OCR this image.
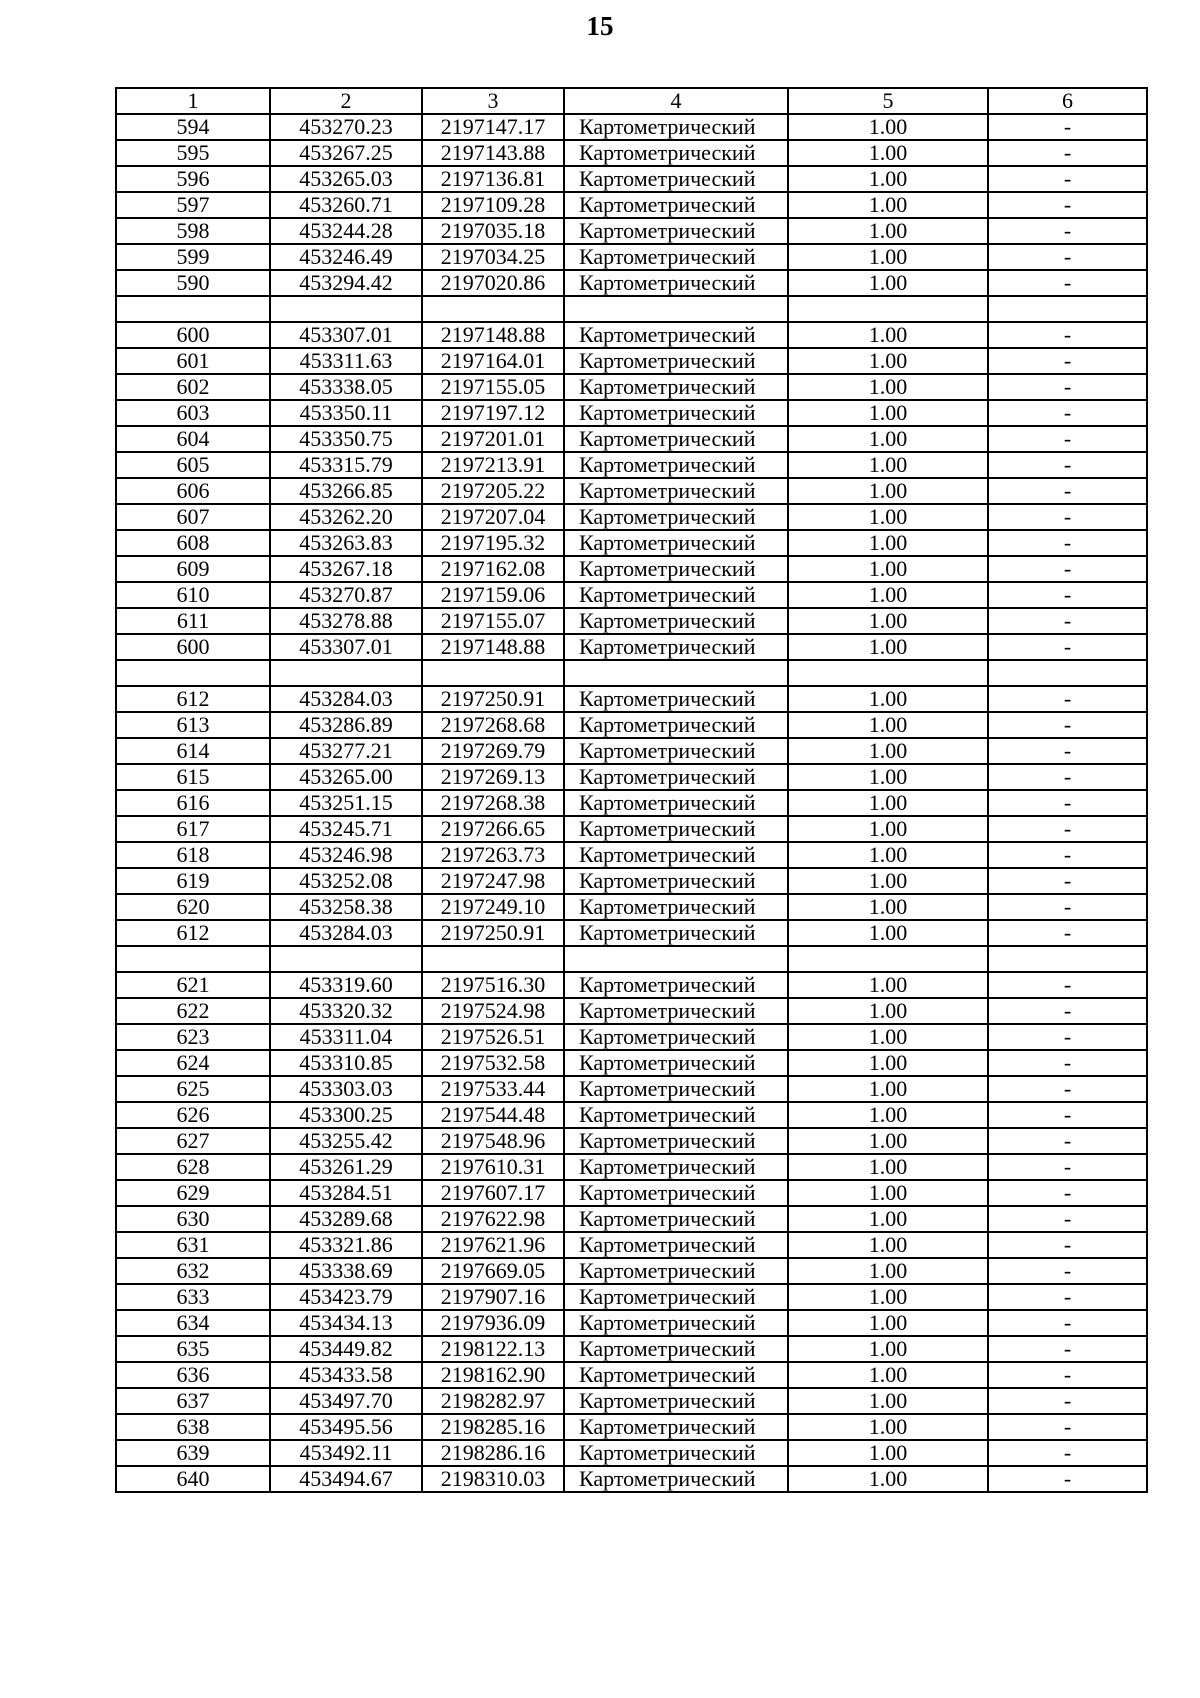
15
1	2	3	4	5	6
594	453270.23	2197147.17	Картометрический	1.00	-
595	453267.25	2197143.88	Картометрический	1.00	-
596	453265.03	2197136.81	Картометрический	1.00	-
597	453260.71	2197109.28	Картометрический	1.00	-
598	453244.28	2197035.18	Картометрический	1.00	-
599	453246.49	2197034.25	Картометрический	1.00	-
590	453294.42	2197020.86	Картометрический	1.00	-

600	453307.01	2197148.88	Картометрический	1.00	-
601	453311.63	2197164.01	Картометрический	1.00	-
602	453338.05	2197155.05	Картометрический	1.00	-
603	453350.11	2197197.12	Картометрический	1.00	-
604	453350.75	2197201.01	Картометрический	1.00	-
605	453315.79	2197213.91	Картометрический	1.00	-
606	453266.85	2197205.22	Картометрический	1.00	-
607	453262.20	2197207.04	Картометрический	1.00	-
608	453263.83	2197195.32	Картометрический	1.00	-
609	453267.18	2197162.08	Картометрический	1.00	-
610	453270.87	2197159.06	Картометрический	1.00	-
611	453278.88	2197155.07	Картометрический	1.00	-
600	453307.01	2197148.88	Картометрический	1.00	-

612	453284.03	2197250.91	Картометрический	1.00	-
613	453286.89	2197268.68	Картометрический	1.00	-
614	453277.21	2197269.79	Картометрический	1.00	-
615	453265.00	2197269.13	Картометрический	1.00	-
616	453251.15	2197268.38	Картометрический	1.00	-
617	453245.71	2197266.65	Картометрический	1.00	-
618	453246.98	2197263.73	Картометрический	1.00	-
619	453252.08	2197247.98	Картометрический	1.00	-
620	453258.38	2197249.10	Картометрический	1.00	-
612	453284.03	2197250.91	Картометрический	1.00	-

621	453319.60	2197516.30	Картометрический	1.00	-
622	453320.32	2197524.98	Картометрический	1.00	-
623	453311.04	2197526.51	Картометрический	1.00	-
624	453310.85	2197532.58	Картометрический	1.00	-
625	453303.03	2197533.44	Картометрический	1.00	-
626	453300.25	2197544.48	Картометрический	1.00	-
627	453255.42	2197548.96	Картометрический	1.00	-
628	453261.29	2197610.31	Картометрический	1.00	-
629	453284.51	2197607.17	Картометрический	1.00	-
630	453289.68	2197622.98	Картометрический	1.00	-
631	453321.86	2197621.96	Картометрический	1.00	-
632	453338.69	2197669.05	Картометрический	1.00	-
633	453423.79	2197907.16	Картометрический	1.00	-
634	453434.13	2197936.09	Картометрический	1.00	-
635	453449.82	2198122.13	Картометрический	1.00	-
636	453433.58	2198162.90	Картометрический	1.00	-
637	453497.70	2198282.97	Картометрический	1.00	-
638	453495.56	2198285.16	Картометрический	1.00	-
639	453492.11	2198286.16	Картометрический	1.00	-
640	453494.67	2198310.03	Картометрический	1.00	-
